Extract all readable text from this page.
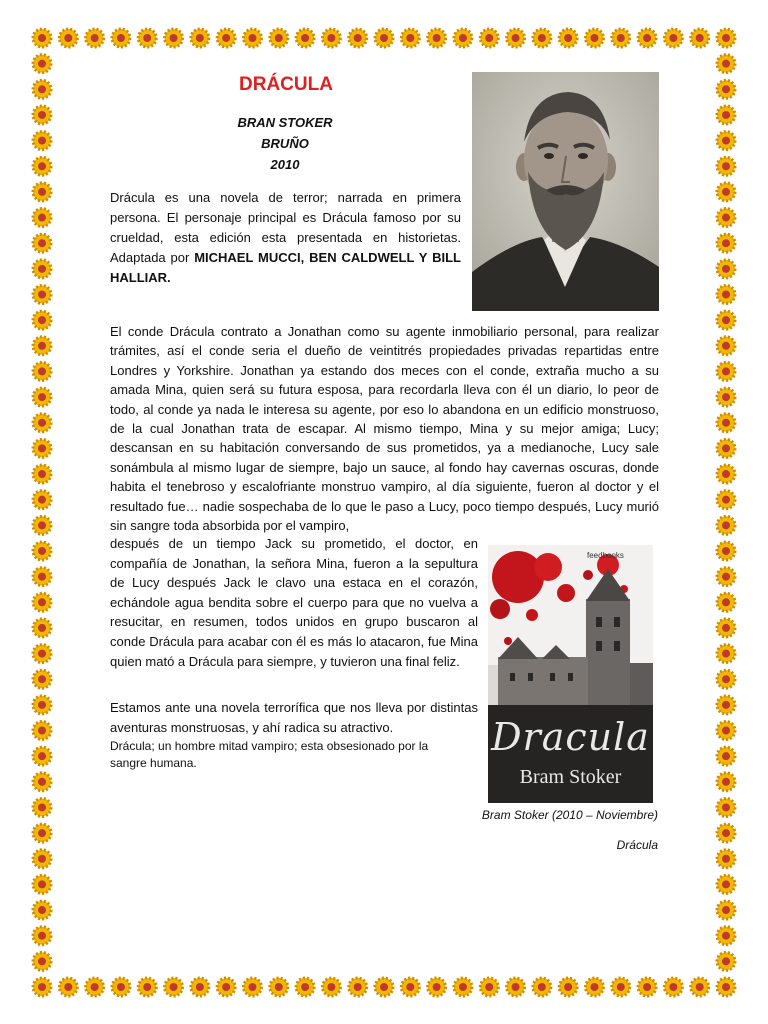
DRÁCULA
BRAN STOKER
BRUÑO
2010

Drácula es una novela de terror; narrada en primera persona. El personaje principal es Drácula famoso por su crueldad, esta edición esta presentada en historietas. Adaptada por MICHAEL MUCCI, BEN CALDWELL Y BILL HALLIAR.

El conde Drácula contrato a Jonathan como su agente inmobiliario personal, para realizar trámites, así el conde seria el dueño de veintitrés propiedades privadas repartidas entre Londres y Yorkshire. Jonathan ya estando dos meces con el conde, extraña mucho a su amada Mina, quien será su futura esposa, para recordarla lleva con él un diario, lo peor de todo, al conde ya nada le interesa su agente, por eso lo abandona en un edificio monstruoso, de la cual Jonathan trata de escapar. Al mismo tiempo, Mina y su mejor amiga; Lucy; descansan en su habitación conversando de sus prometidos, ya a medianoche, Lucy sale sonámbula al mismo lugar de siempre, bajo un sauce, al fondo hay cavernas oscuras, donde habita el tenebroso y escalofriante monstruo vampiro, al día siguiente, fueron al doctor y el resultado fue… nadie sospechaba de lo que le paso a Lucy, poco tiempo después, Lucy murió sin sangre toda absorbida por el vampiro,

después de un tiempo Jack su prometido, el doctor, en compañía de Jonathan, la señora Mina, fueron a la sepultura de Lucy después Jack le clavo una estaca en el corazón, echándole agua bendita sobre el cuerpo para que no vuelva a resucitar, en resumen, todos unidos en grupo buscaron al conde Drácula para acabar con él es más lo atacaron, fue Mina quien mató a Drácula para siempre, y tuvieron una final feliz.

Estamos ante una novela terrorífica que nos lleva por distintas aventuras monstruosas, y ahí radica su atractivo.

Drácula; un hombre mitad vampiro; esta obsesionado por la sangre humana.

feedbooks

Dracula

Bram Stoker

Bram Stoker (2010 – Noviembre)

Drácula
